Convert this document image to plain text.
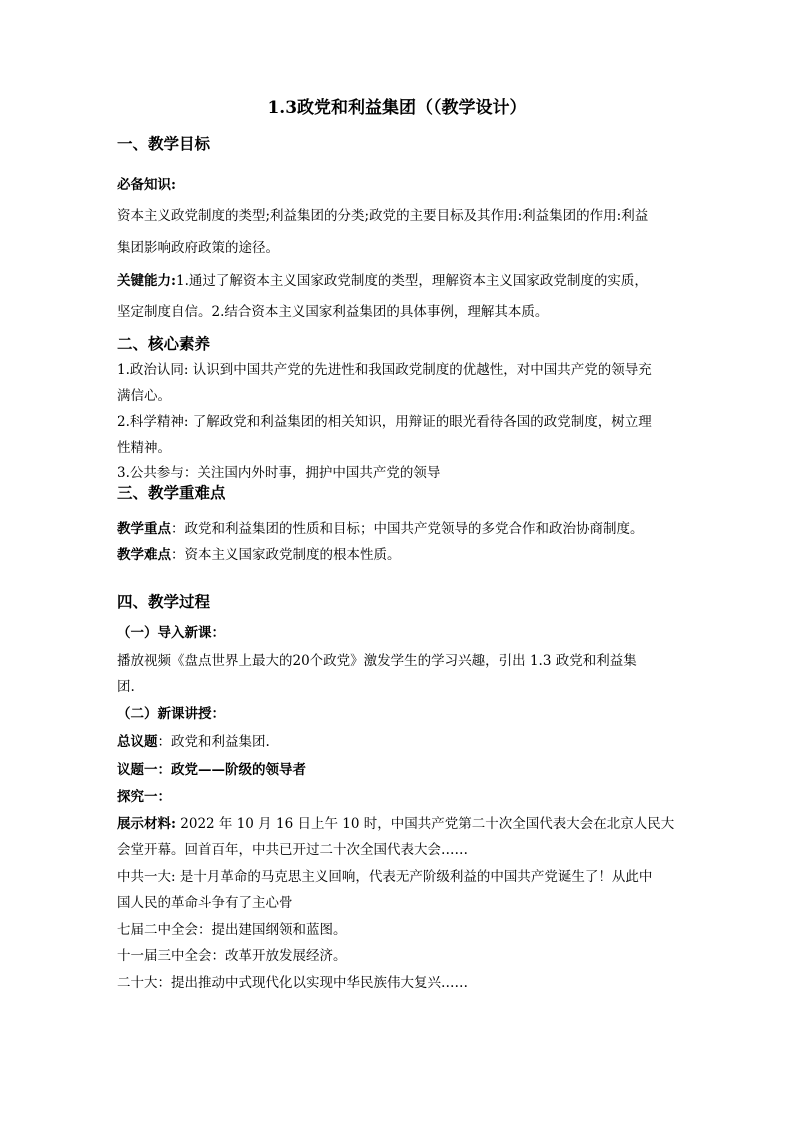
1.3政党和利益集团（（教学设计）
一、教学目标
必备知识:
资本主义政党制度的类型;利益集团的分类;政党的主要目标及其作用:利益集团的作用:利益
集团影响政府政策的途径。
关键能力:1.通过了解资本主义国家政党制度的类型，理解资本主义国家政党制度的实质，
坚定制度自信。2.结合资本主义国家利益集团的具体事例，理解其本质。
二、核心素养
1.政治认同: 认识到中国共产党的先进性和我国政党制度的优越性，对中国共产党的领导充
满信心。
2.科学精神: 了解政党和利益集团的相关知识，用辩证的眼光看待各国的政党制度，树立理
性精神。
3.公共参与：关注国内外时事，拥护中国共产党的领导
三、教学重难点
教学重点：政党和利益集团的性质和目标；中国共产党领导的多党合作和政治协商制度。
教学难点：资本主义国家政党制度的根本性质。
四、教学过程
（一）导入新课：
播放视频《盘点世界上最大的20个政党》激发学生的学习兴趣，引出 1.3 政党和利益集
团.
（二）新课讲授：
总议题：政党和利益集团.
议题一：政党——阶级的领导者
探究一：
展示材料: 2022 年 10 月 16 日上午 10 时，中国共产党第二十次全国代表大会在北京人民大
会堂开幕。回首百年，中共已开过二十次全国代表大会……
中共一大: 是十月革命的马克思主义回响，代表无产阶级利益的中国共产党诞生了！从此中
国人民的革命斗争有了主心骨
七届二中全会：提出建国纲领和蓝图。
十一届三中全会：改革开放发展经济。
二十大：提出推动中式现代化以实现中华民族伟大复兴……
